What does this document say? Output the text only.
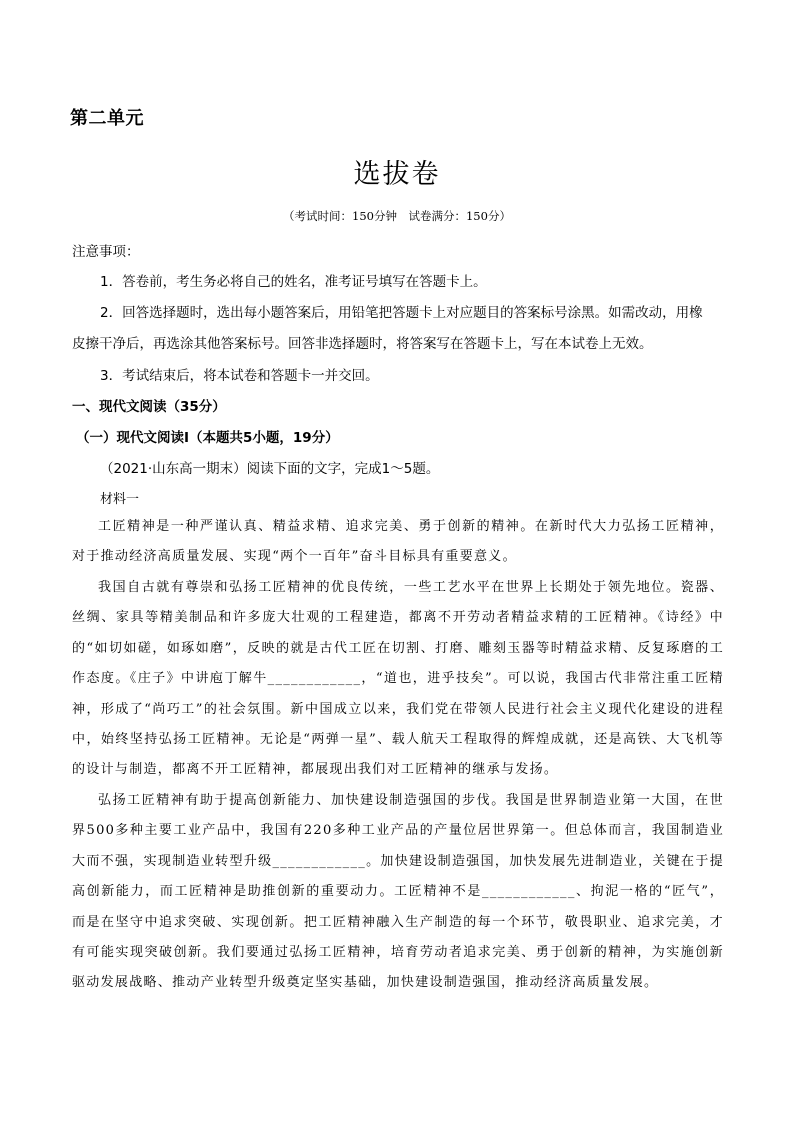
第二单元
选拔卷
（考试时间：150分钟　试卷满分：150分）
注意事项：
1．答卷前，考生务必将自己的姓名，准考证号填写在答题卡上。
2．回答选择题时，选出每小题答案后，用铅笔把答题卡上对应题目的答案标号涂黑。如需改动，用橡
皮擦干净后，再选涂其他答案标号。回答非选择题时，将答案写在答题卡上，写在本试卷上无效。
3．考试结束后，将本试卷和答题卡一并交回。
一、现代文阅读（35分）
（一）现代文阅读Ⅰ（本题共5小题，19分）
（2021·山东高一期末）阅读下面的文字，完成1～5题。
材料一

工匠精神是一种严谨认真、精益求精、追求完美、勇于创新的精神。在新时代大力弘扬工匠精神，对于推动经济高质量发展、实现“两个一百年”奋斗目标具有重要意义。

我国自古就有尊崇和弘扬工匠精神的优良传统，一些工艺水平在世界上长期处于领先地位。瓷器、丝绸、家具等精美制品和许多庞大壮观的工程建造，都离不开劳动者精益求精的工匠精神。《诗经》中的“如切如磋，如琢如磨”，反映的就是古代工匠在切割、打磨、雕刻玉器等时精益求精、反复琢磨的工作态度。《庄子》中讲庖丁解牛____________，“道也，进乎技矣”。可以说，我国古代非常注重工匠精神，形成了“尚巧工”的社会氛围。新中国成立以来，我们党在带领人民进行社会主义现代化建设的进程中，始终坚持弘扬工匠精神。无论是“两弹一星”、载人航天工程取得的辉煌成就，还是高铁、大飞机等的设计与制造，都离不开工匠精神，都展现出我们对工匠精神的继承与发扬。

弘扬工匠精神有助于提高创新能力、加快建设制造强国的步伐。我国是世界制造业第一大国，在世界500多种主要工业产品中，我国有220多种工业产品的产量位居世界第一。但总体而言，我国制造业大而不强，实现制造业转型升级____________。加快建设制造强国，加快发展先进制造业，关键在于提高创新能力，而工匠精神是助推创新的重要动力。工匠精神不是____________、拘泥一格的“匠气”，而是在坚守中追求突破、实现创新。把工匠精神融入生产制造的每一个环节，敬畏职业、追求完美，才有可能实现突破创新。我们要通过弘扬工匠精神，培育劳动者追求完美、勇于创新的精神，为实施创新驱动发展战略、推动产业转型升级奠定坚实基础，加快建设制造强国，推动经济高质量发展。
